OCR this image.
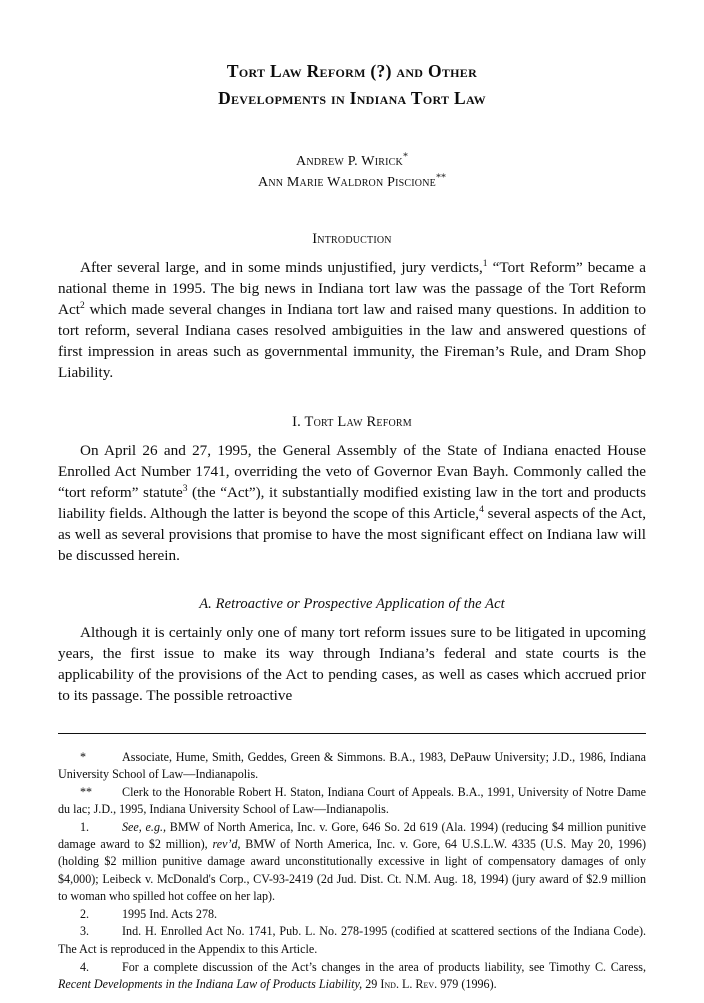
Tort Law Reform (?) and Other
Developments in Indiana Tort Law
Andrew P. Wirick*
Ann Marie Waldron Piscione**
Introduction

After several large, and in some minds unjustified, jury verdicts,$^1$ “Tort Reform” became a national theme in 1995. The big news in Indiana tort law was the passage of the Tort Reform Act$^2$ which made several changes in Indiana tort law and raised many questions. In addition to tort reform, several Indiana cases resolved ambiguities in the law and answered questions of first impression in areas such as governmental immunity, the Fireman’s Rule, and Dram Shop Liability.

I. Tort Law Reform

On April 26 and 27, 1995, the General Assembly of the State of Indiana enacted House Enrolled Act Number 1741, overriding the veto of Governor Evan Bayh. Commonly called the “tort reform” statute$^3$ (the “Act”), it substantially modified existing law in the tort and products liability fields. Although the latter is beyond the scope of this Article,$^4$ several aspects of the Act, as well as several provisions that promise to have the most significant effect on Indiana law will be discussed herein.

A. Retroactive or Prospective Application of the Act

Although it is certainly only one of many tort reform issues sure to be litigated in upcoming years, the first issue to make its way through Indiana’s federal and state courts is the applicability of the provisions of the Act to pending cases, as well as cases which accrued prior to its passage. The possible retroactive

*	Associate, Hume, Smith, Geddes, Green & Simmons. B.A., 1983, DePauw University; J.D., 1986, Indiana University School of Law—Indianapolis.

** Clerk to the Honorable Robert H. Staton, Indiana Court of Appeals. B.A., 1991, University of Notre Dame du lac; J.D., 1995, Indiana University School of Law—Indianapolis.

1.	See, e.g., BMW of North America, Inc. v. Gore, 646 So. 2d 619 (Ala. 1994) (reducing $4 million punitive damage award to $2 million), rev’d, BMW of North America, Inc. v. Gore, 64 U.S.L.W. 4335 (U.S. May 20, 1996) (holding $2 million punitive damage award unconstitutionally excessive in light of compensatory damages of only $4,000); Leibeck v. McDonald's Corp., CV-93-2419 (2d Jud. Dist. Ct. N.M. Aug. 18, 1994) (jury award of $2.9 million to woman who spilled hot coffee on her lap).

2.	1995 Ind. Acts 278.

3.	Ind. H. Enrolled Act No. 1741, Pub. L. No. 278-1995 (codified at scattered sections of the Indiana Code). The Act is reproduced in the Appendix to this Article.

4.	For a complete discussion of the Act’s changes in the area of products liability, see Timothy C. Caress, Recent Developments in the Indiana Law of Products Liability, 29 Ind. L. Rev. 979 (1996).
